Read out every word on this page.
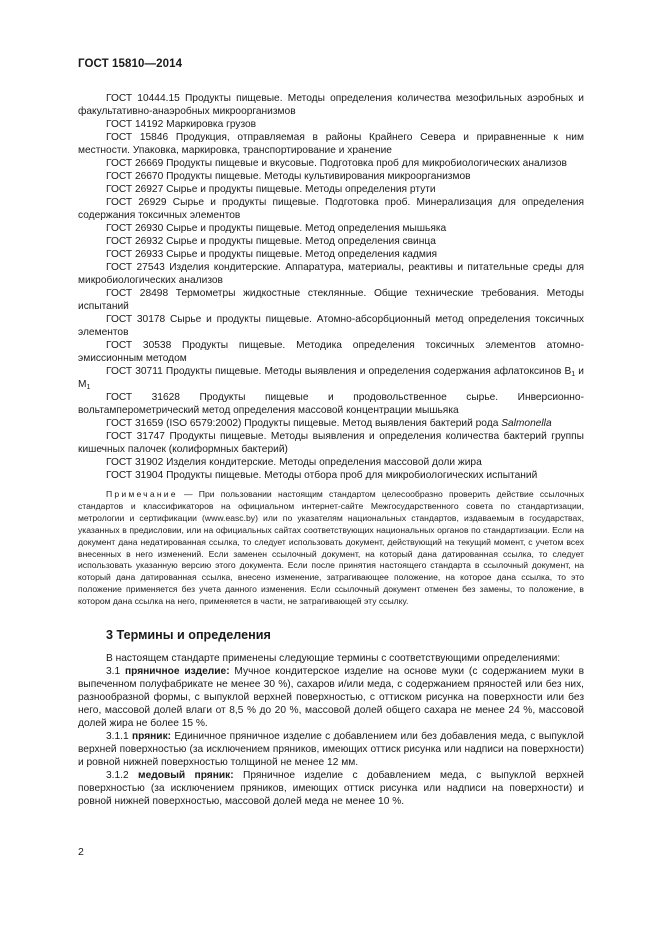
ГОСТ 15810—2014

ГОСТ 10444.15 Продукты пищевые. Методы определения количества мезофильных аэробных и факультативно-анаэробных микроорганизмов

ГОСТ 14192 Маркировка грузов

ГОСТ 15846 Продукция, отправляемая в районы Крайнего Севера и приравненные к ним местности. Упаковка, маркировка, транспортирование и хранение

ГОСТ 26669 Продукты пищевые и вкусовые. Подготовка проб для микробиологических анализов

ГОСТ 26670 Продукты пищевые. Методы культивирования микроорганизмов

ГОСТ 26927 Сырье и продукты пищевые. Методы определения ртути

ГОСТ 26929 Сырье и продукты пищевые. Подготовка проб. Минерализация для определения содержания токсичных элементов

ГОСТ 26930 Сырье и продукты пищевые. Метод определения мышьяка

ГОСТ 26932 Сырье и продукты пищевые. Метод определения свинца

ГОСТ 26933 Сырье и продукты пищевые. Метод определения кадмия

ГОСТ 27543 Изделия кондитерские. Аппаратура, материалы, реактивы и питательные среды для микробиологических анализов

ГОСТ 28498 Термометры жидкостные стеклянные. Общие технические требования. Методы испытаний

ГОСТ 30178 Сырье и продукты пищевые. Атомно-абсорбционный метод определения токсичных элементов

ГОСТ 30538 Продукты пищевые. Методика определения токсичных элементов атомно-эмиссионным методом

ГОСТ 30711 Продукты пищевые. Методы выявления и определения содержания афлатоксинов $B_1$ и $M_1$

ГОСТ 31628 Продукты пищевые и продовольственное сырье. Инверсионно-вольтамперометрический метод определения массовой концентрации мышьяка

ГОСТ 31659 (ISO 6579:2002) Продукты пищевые. Метод выявления бактерий рода Salmonella

ГОСТ 31747 Продукты пищевые. Методы выявления и определения количества бактерий группы кишечных палочек (колиформных бактерий)

ГОСТ 31902 Изделия кондитерские. Методы определения массовой доли жира

ГОСТ 31904 Продукты пищевые. Методы отбора проб для микробиологических испытаний

Примечание — При пользовании настоящим стандартом целесообразно проверить действие ссылочных стандартов и классификаторов на официальном интернет-сайте Межгосударственного совета по стандартизации, метрологии и сертификации (www.easc.by) или по указателям национальных стандартов, издаваемым в государствах, указанных в предисловии, или на официальных сайтах соответствующих национальных органов по стандартизации. Если на документ дана недатированная ссылка, то следует использовать документ, действующий на текущий момент, с учетом всех внесенных в него изменений. Если заменен ссылочный документ, на который дана датированная ссылка, то следует использовать указанную версию этого документа. Если после принятия настоящего стандарта в ссылочный документ, на который дана датированная ссылка, внесено изменение, затрагивающее положение, на которое дана ссылка, то это положение применяется без учета данного изменения. Если ссылочный документ отменен без замены, то положение, в котором дана ссылка на него, применяется в части, не затрагивающей эту ссылку.

3 Термины и определения

В настоящем стандарте применены следующие термины с соответствующими определениями:

3.1 пряничное изделие: Мучное кондитерское изделие на основе муки (с содержанием муки в выпеченном полуфабрикате не менее 30 %), сахаров и/или меда, с содержанием пряностей или без них, разнообразной формы, с выпуклой верхней поверхностью, с оттиском рисунка на поверхности или без него, массовой долей влаги от 8,5 % до 20 %, массовой долей общего сахара не менее 24 %, массовой долей жира не более 15 %.

3.1.1 пряник: Единичное пряничное изделие с добавлением или без добавления меда, с выпуклой верхней поверхностью (за исключением пряников, имеющих оттиск рисунка или надписи на поверхности) и ровной нижней поверхностью толщиной не менее 12 мм.

3.1.2 медовый пряник: Пряничное изделие с добавлением меда, с выпуклой верхней поверхностью (за исключением пряников, имеющих оттиск рисунка или надписи на поверхности) и ровной нижней поверхностью, массовой долей меда не менее 10 %.

2
